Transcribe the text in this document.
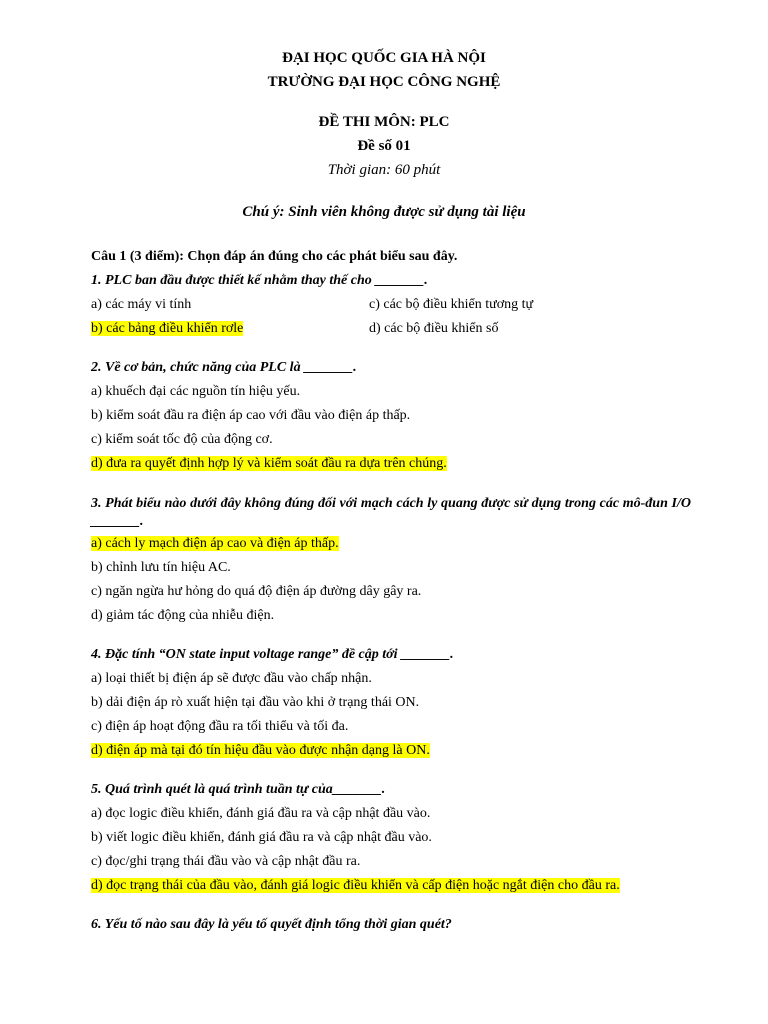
ĐẠI HỌC QUỐC GIA HÀ NỘI
TRƯỜNG ĐẠI HỌC CÔNG NGHỆ
ĐỀ THI MÔN: PLC
Đề số 01
Thời gian: 60 phút
Chú ý: Sinh viên không được sử dụng tài liệu
Câu 1 (3 điểm): Chọn đáp án đúng cho các phát biểu sau đây.
1. PLC ban đầu được thiết kế nhằm thay thế cho _______.
a) các máy vi tính	c) các bộ điều khiển tương tự
b) các bảng điều khiển rơle	d) các bộ điều khiển số
2. Về cơ bản, chức năng của PLC là _______.
a) khuếch đại các nguồn tín hiệu yếu.
b) kiểm soát đầu ra điện áp cao với đầu vào điện áp thấp.
c) kiểm soát tốc độ của động cơ.
d) đưa ra quyết định hợp lý và kiểm soát đầu ra dựa trên chúng.
3. Phát biểu nào dưới đây không đúng đối với mạch cách ly quang được sử dụng trong các mô-đun I/O _______.
a) cách ly mạch điện áp cao và điện áp thấp.
b) chỉnh lưu tín hiệu AC.
c) ngăn ngừa hư hỏng do quá độ điện áp đường dây gây ra.
d) giảm tác động của nhiễu điện.
4. Đặc tính “ON state input voltage range” đề cập tới _______.
a) loại thiết bị điện áp sẽ được đầu vào chấp nhận.
b) dải điện áp rò xuất hiện tại đầu vào khi ở trạng thái ON.
c) điện áp hoạt động đầu ra tối thiểu và tối đa.
d) điện áp mà tại đó tín hiệu đầu vào được nhận dạng là ON.
5. Quá trình quét là quá trình tuần tự của_______.
a) đọc logic điều khiển, đánh giá đầu ra và cập nhật đầu vào.
b) viết logic điều khiển, đánh giá đầu ra và cập nhật đầu vào.
c) đọc/ghi trạng thái đầu vào và cập nhật đầu ra.
d) đọc trạng thái của đầu vào, đánh giá logic điều khiển và cấp điện hoặc ngắt điện cho đầu ra.
6. Yếu tố nào sau đây là yếu tố quyết định tổng thời gian quét?
